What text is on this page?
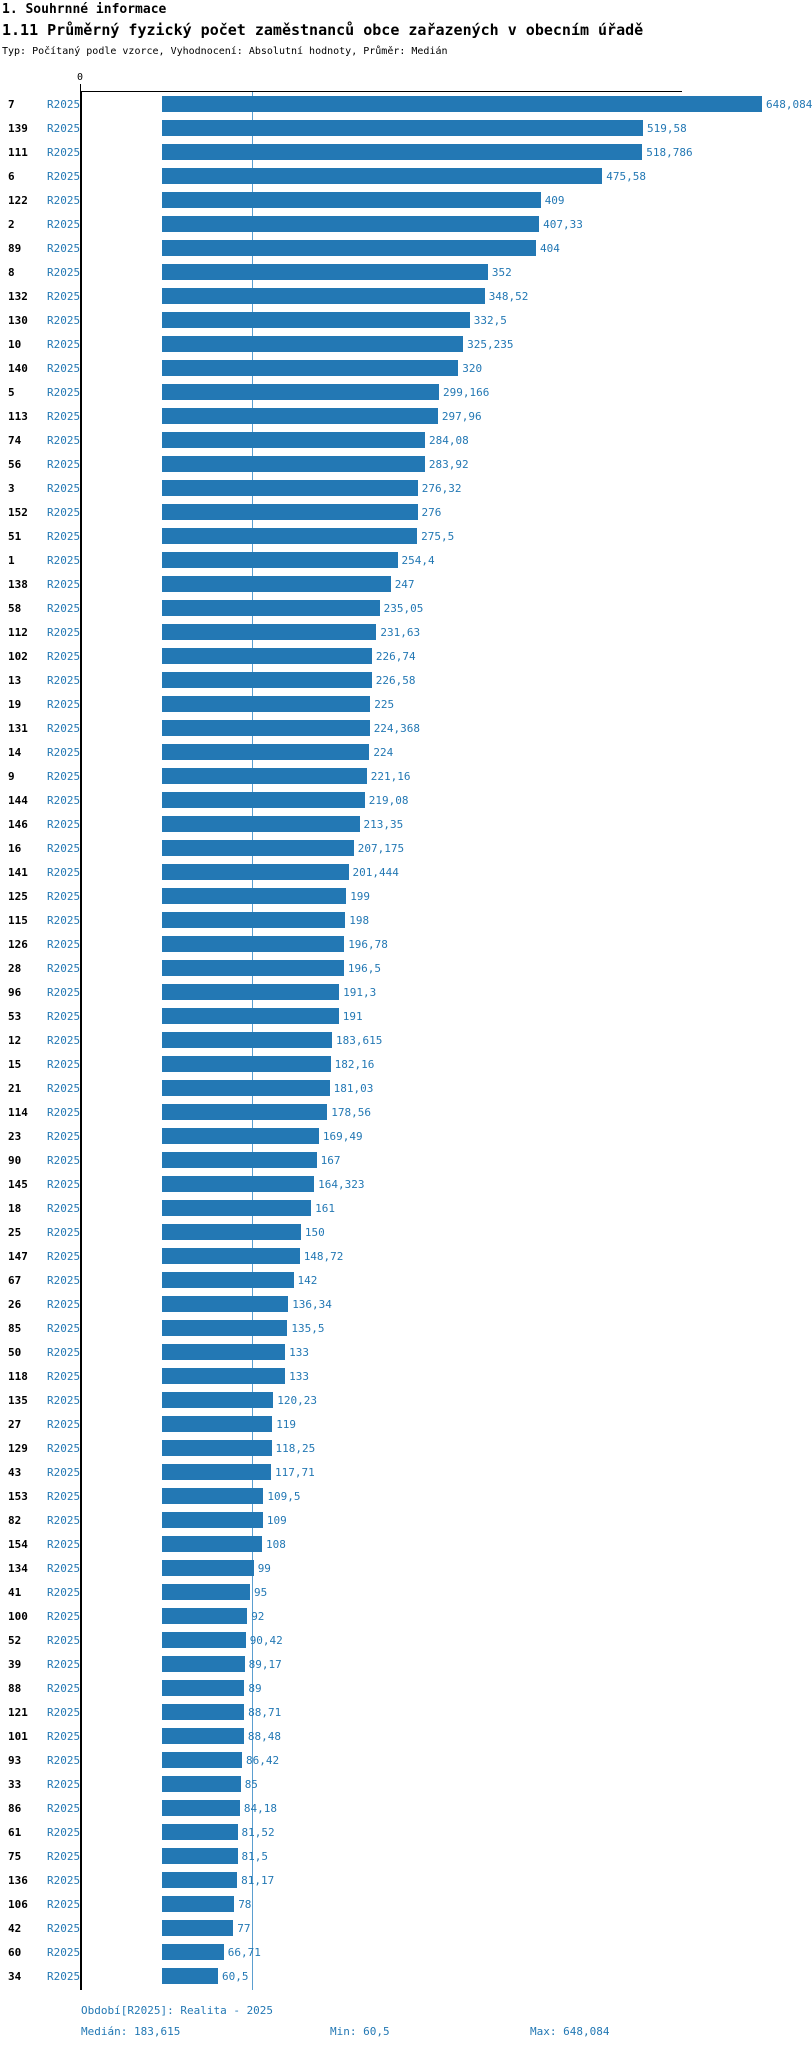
1. Souhrnné informace
1.11 Průměrný fyzický počet zaměstnanců obce zařazených v obecním úřadě
Typ: Počítaný podle vzorce, Vyhodnocení: Absolutní hodnoty, Průměr: Medián
0
7	R2025	648,084
139	R2025	519,58
111	R2025	518,786
6	R2025	475,58
122	R2025	409
2	R2025	407,33
89	R2025	404
8	R2025	352
132	R2025	348,52
130	R2025	332,5
10	R2025	325,235
140	R2025	320
5	R2025	299,166
113	R2025	297,96
74	R2025	284,08
56	R2025	283,92
3	R2025	276,32
152	R2025	276
51	R2025	275,5
1	R2025	254,4
138	R2025	247
58	R2025	235,05
112	R2025	231,63
102	R2025	226,74
13	R2025	226,58
19	R2025	225
131	R2025	224,368
14	R2025	224
9	R2025	221,16
144	R2025	219,08
146	R2025	213,35
16	R2025	207,175
141	R2025	201,444
125	R2025	199
115	R2025	198
126	R2025	196,78
28	R2025	196,5
96	R2025	191,3
53	R2025	191
12	R2025	183,615
15	R2025	182,16
21	R2025	181,03
114	R2025	178,56
23	R2025	169,49
90	R2025	167
145	R2025	164,323
18	R2025	161
25	R2025	150
147	R2025	148,72
67	R2025	142
26	R2025	136,34
85	R2025	135,5
50	R2025	133
118	R2025	133
135	R2025	120,23
27	R2025	119
129	R2025	118,25
43	R2025	117,71
153	R2025	109,5
82	R2025	109
154	R2025	108
134	R2025	99
41	R2025	95
100	R2025	92
52	R2025	90,42
39	R2025	89,17
88	R2025	89
121	R2025	88,71
101	R2025	88,48
93	R2025	86,42
33	R2025	85
86	R2025	84,18
61	R2025	81,52
75	R2025	81,5
136	R2025	81,17
106	R2025	78
42	R2025	77
60	R2025	66,71
34	R2025	60,5
Období[R2025]: Realita - 2025
Medián: 183,615	Min: 60,5	Max: 648,084
